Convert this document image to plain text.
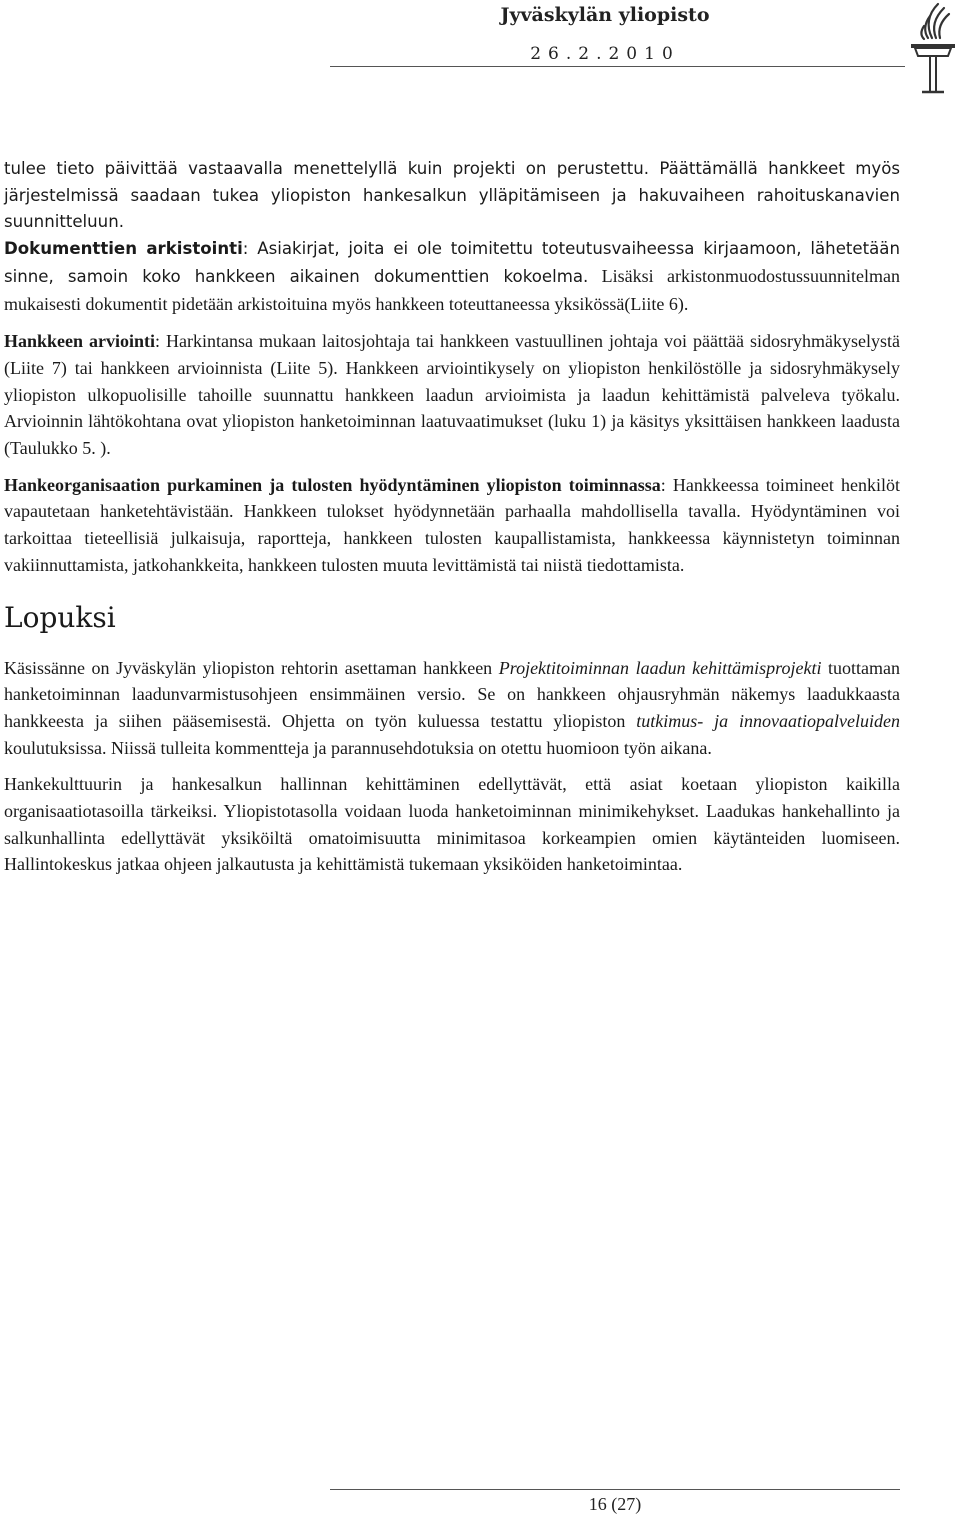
Jyväskylän yliopisto
26.2.2010

tulee tieto päivittää vastaavalla menettelyllä kuin projekti on perustettu. Päättämällä hankkeet myös järjestelmissä saadaan tukea yliopiston hankesalkun ylläpitämiseen ja hakuvaiheen rahoituskanavien suunnitteluun.

Dokumenttien arkistointi: Asiakirjat, joita ei ole toimitettu toteutusvaiheessa kirjaamoon, lähetetään sinne, samoin koko hankkeen aikainen dokumenttien kokoelma. Lisäksi arkistonmuodostussuunnitelman mukaisesti dokumentit pidetään arkistoituina myös hankkeen toteuttaneessa yksikössä(Liite 6).

Hankkeen arviointi: Harkintansa mukaan laitosjohtaja tai hankkeen vastuullinen johtaja voi päättää sidosryhmäkyselystä (Liite 7) tai hankkeen arvioinnista (Liite 5). Hankkeen arviointikysely on yliopiston henkilöstölle ja sidosryhmäkysely yliopiston ulkopuolisille tahoille suunnattu hankkeen laadun arvioimista ja laadun kehittämistä palveleva työkalu. Arvioinnin lähtökohtana ovat yliopiston hanketoiminnan laatuvaatimukset (luku 1) ja käsitys yksittäisen hankkeen laadusta (Taulukko 5. ).

Hankeorganisaation purkaminen ja tulosten hyödyntäminen yliopiston toiminnassa: Hankkeessa toimineet henkilöt vapautetaan hanketehtävistään. Hankkeen tulokset hyödynnetään parhaalla mahdollisella tavalla. Hyödyntäminen voi tarkoittaa tieteellisiä julkaisuja, raportteja, hankkeen tulosten kaupallistamista, hankkeessa käynnistetyn toiminnan vakiinnuttamista, jatkohankkeita, hankkeen tulosten muuta levittämistä tai niistä tiedottamista.

Lopuksi

Käsissänne on Jyväskylän yliopiston rehtorin asettaman hankkeen Projektitoiminnan laadun kehittämisprojekti tuottaman hanketoiminnan laadunvarmistusohjeen ensimmäinen versio. Se on hankkeen ohjausryhmän näkemys laadukkaasta hankkeesta ja siihen pääsemisestä. Ohjetta on työn kuluessa testattu yliopiston tutkimus- ja innovaatiopalveluiden koulutuksissa. Niissä tulleita kommentteja ja parannusehdotuksia on otettu huomioon työn aikana.

Hankekulttuurin ja hankesalkun hallinnan kehittäminen edellyttävät, että asiat koetaan yliopiston kaikilla organisaatiotasoilla tärkeiksi. Yliopistotasolla voidaan luoda hanketoiminnan minimikehykset. Laadukas hankehallinto ja salkunhallinta edellyttävät yksiköiltä omatoimisuutta minimitasoa korkeampien omien käytänteiden luomiseen. Hallintokeskus jatkaa ohjeen jalkautusta ja kehittämistä tukemaan yksiköiden hanketoimintaa.

16 (27)
